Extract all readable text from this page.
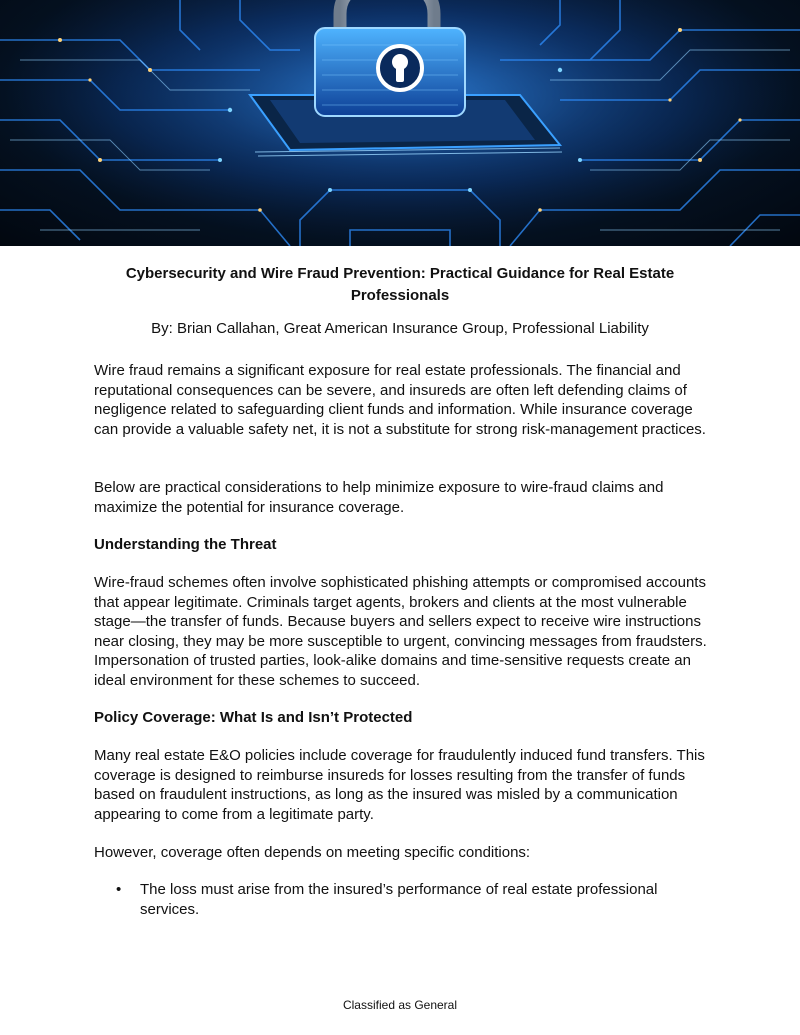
Cybersecurity and Wire Fraud Prevention: Practical Guidance for Real Estate Professionals

By: Brian Callahan, Great American Insurance Group, Professional Liability

Wire fraud remains a significant exposure for real estate professionals. The financial and reputational consequences can be severe, and insureds are often left defending claims of negligence related to safeguarding client funds and information. While insurance coverage can provide a valuable safety net, it is not a substitute for strong risk-management practices.

Below are practical considerations to help minimize exposure to wire-fraud claims and maximize the potential for insurance coverage.

Understanding the Threat

Wire-fraud schemes often involve sophisticated phishing attempts or compromised accounts that appear legitimate. Criminals target agents, brokers and clients at the most vulnerable stage—the transfer of funds. Because buyers and sellers expect to receive wire instructions near closing, they may be more susceptible to urgent, convincing messages from fraudsters. Impersonation of trusted parties, look-alike domains and time-sensitive requests create an ideal environment for these schemes to succeed.

Policy Coverage: What Is and Isn’t Protected

Many real estate E&O policies include coverage for fraudulently induced fund transfers. This coverage is designed to reimburse insureds for losses resulting from the transfer of funds based on fraudulent instructions, as long as the insured was misled by a communication appearing to come from a legitimate party.

However, coverage often depends on meeting specific conditions:

• The loss must arise from the insured’s performance of real estate professional services.

Classified as General
